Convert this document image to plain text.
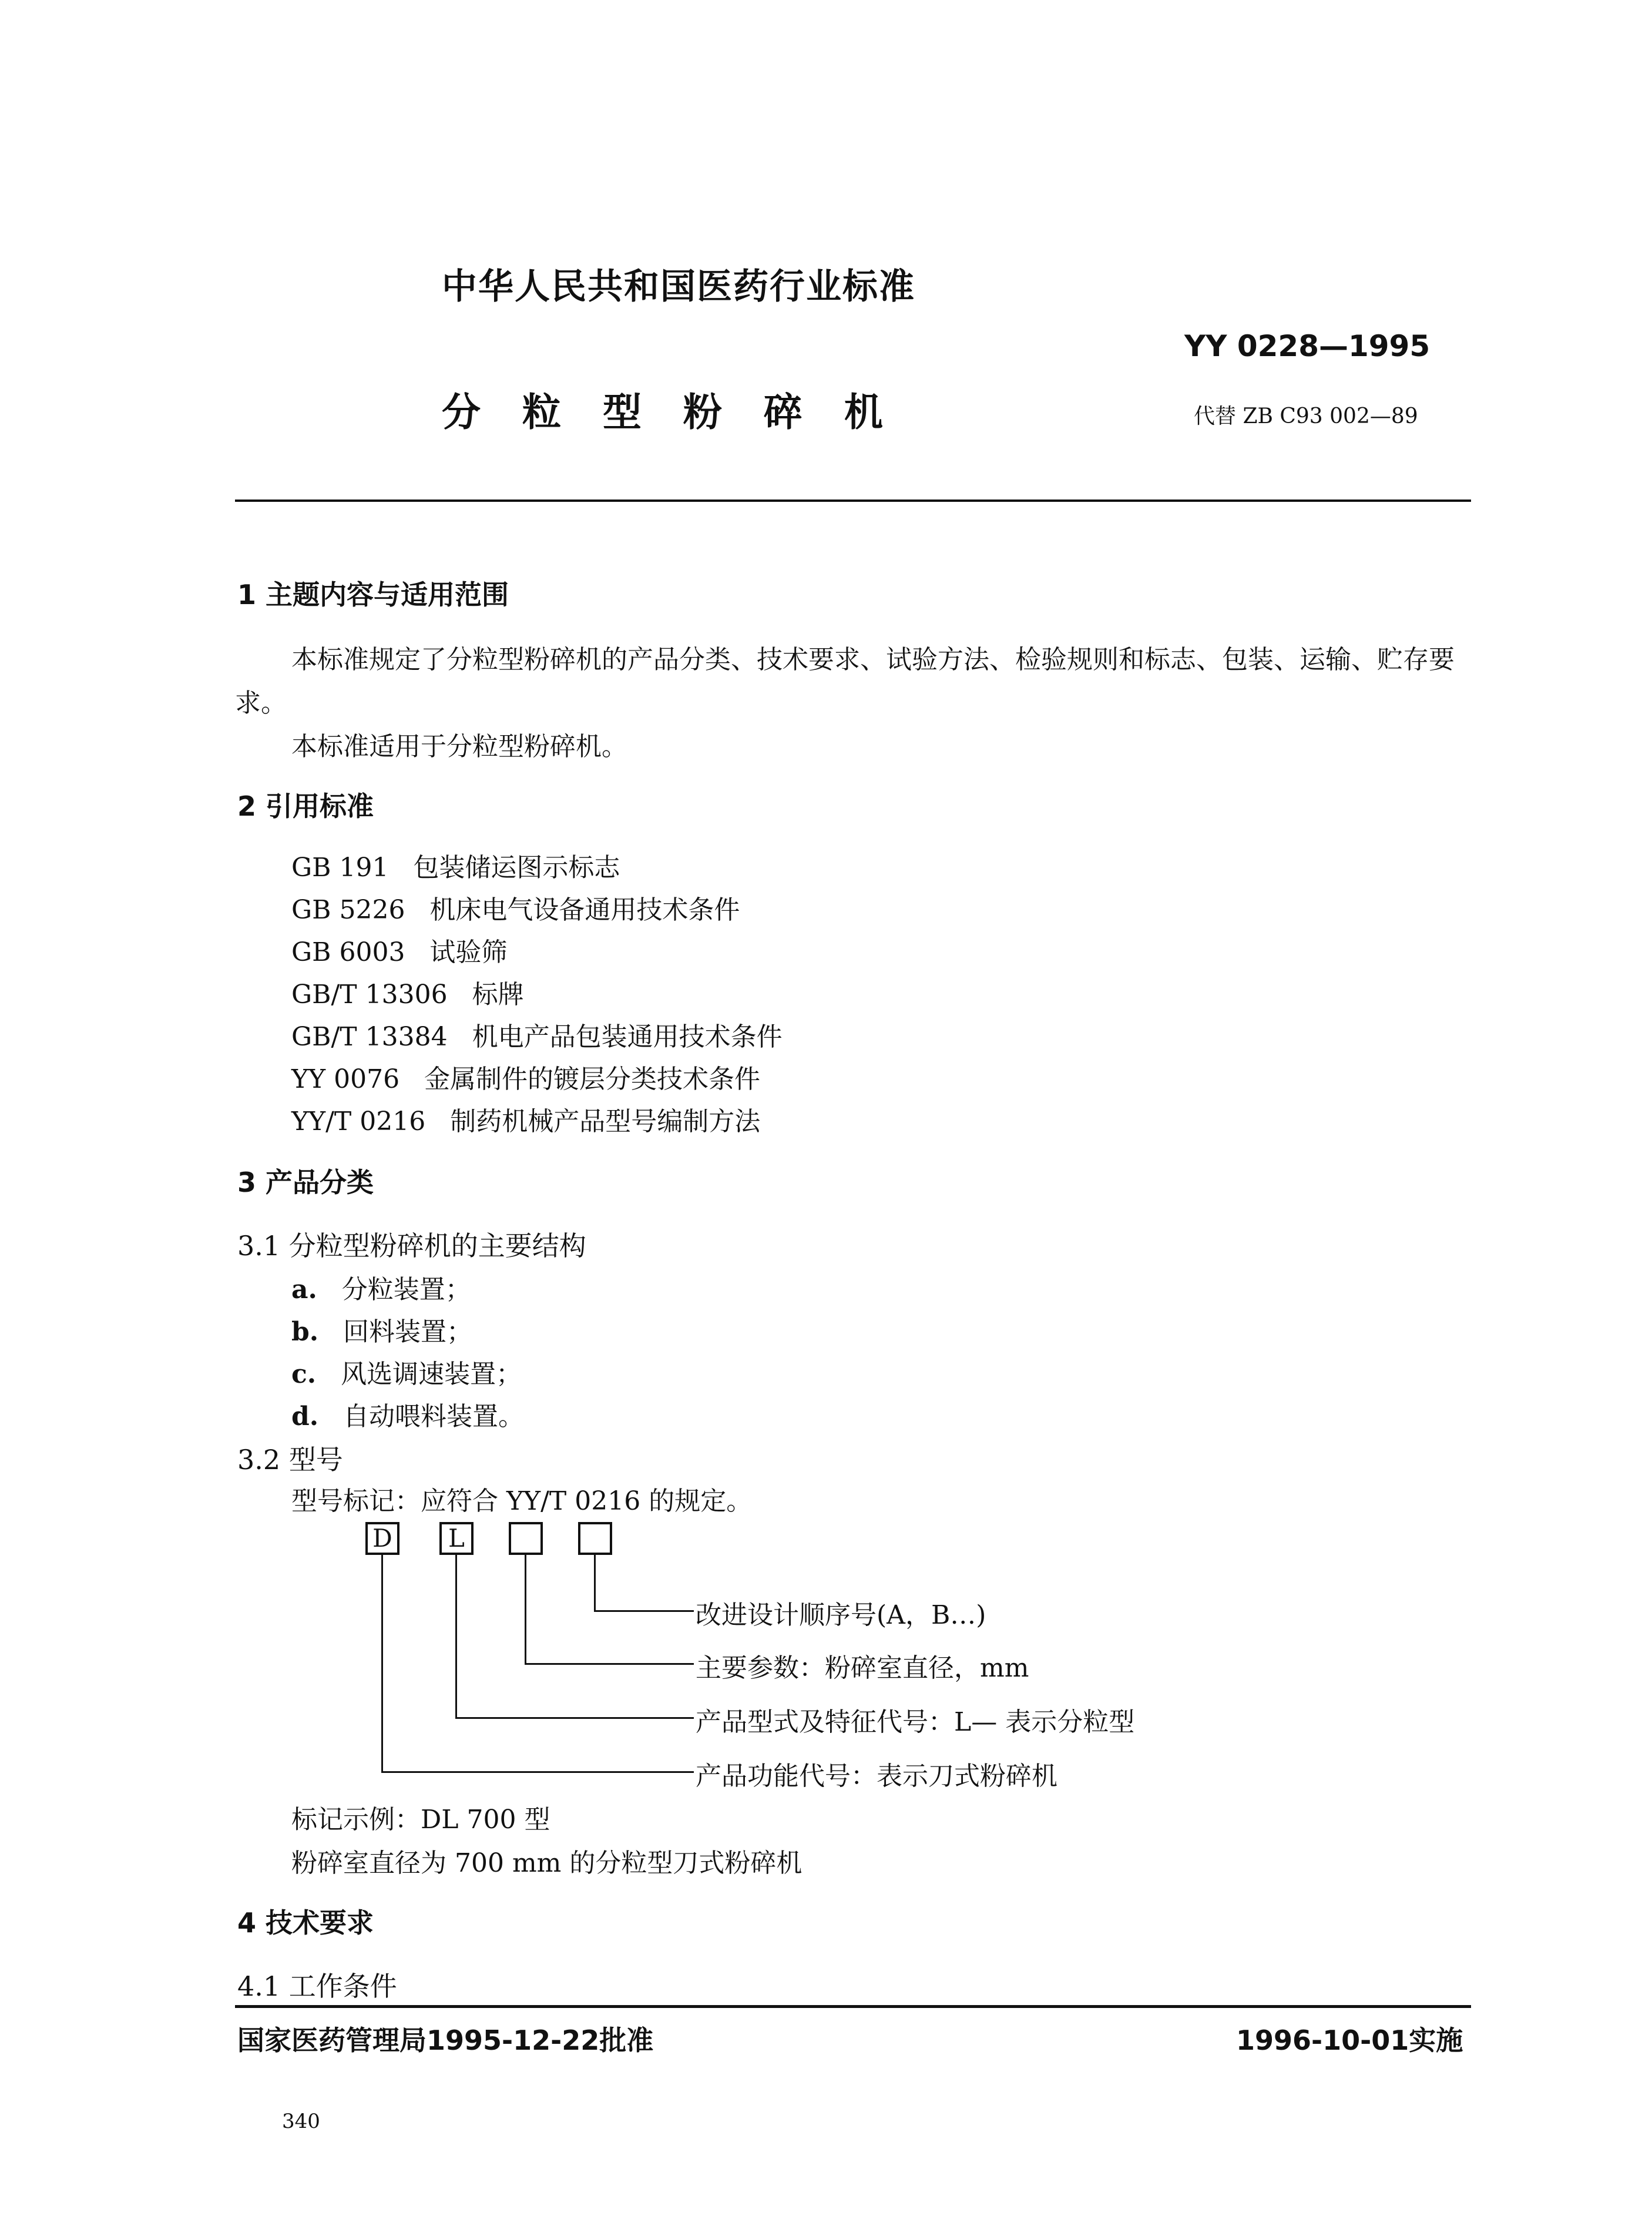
中华人民共和国医药行业标准
YY 0228—1995
分 粒 型 粉 碎 机	代替 ZB C93 002—89
1 主题内容与适用范围
本标准规定了分粒型粉碎机的产品分类、技术要求、试验方法、检验规则和标志、包装、运输、贮存要
求。
本标准适用于分粒型粉碎机。
2 引用标准
GB 191 包装储运图示标志
GB 5226 机床电气设备通用技术条件
GB 6003 试验筛
GB/T 13306 标牌
GB/T 13384 机电产品包装通用技术条件
YY 0076 金属制件的镀层分类技术条件
YY/T 0216 制药机械产品型号编制方法
3 产品分类
3.1 分粒型粉碎机的主要结构
a. 分粒装置；
b. 回料装置；
c. 风选调速装置；
d. 自动喂料装置。
3.2 型号
型号标记：应符合 YY/T 0216 的规定。
D	L
改进设计顺序号(A，B…)
主要参数：粉碎室直径，mm
产品型式及特征代号：L— 表示分粒型
产品功能代号：表示刀式粉碎机
标记示例：DL 700 型
粉碎室直径为 700 mm 的分粒型刀式粉碎机
4 技术要求
4.1 工作条件
国家医药管理局1995-12-22批准	1996-10-01实施
340
